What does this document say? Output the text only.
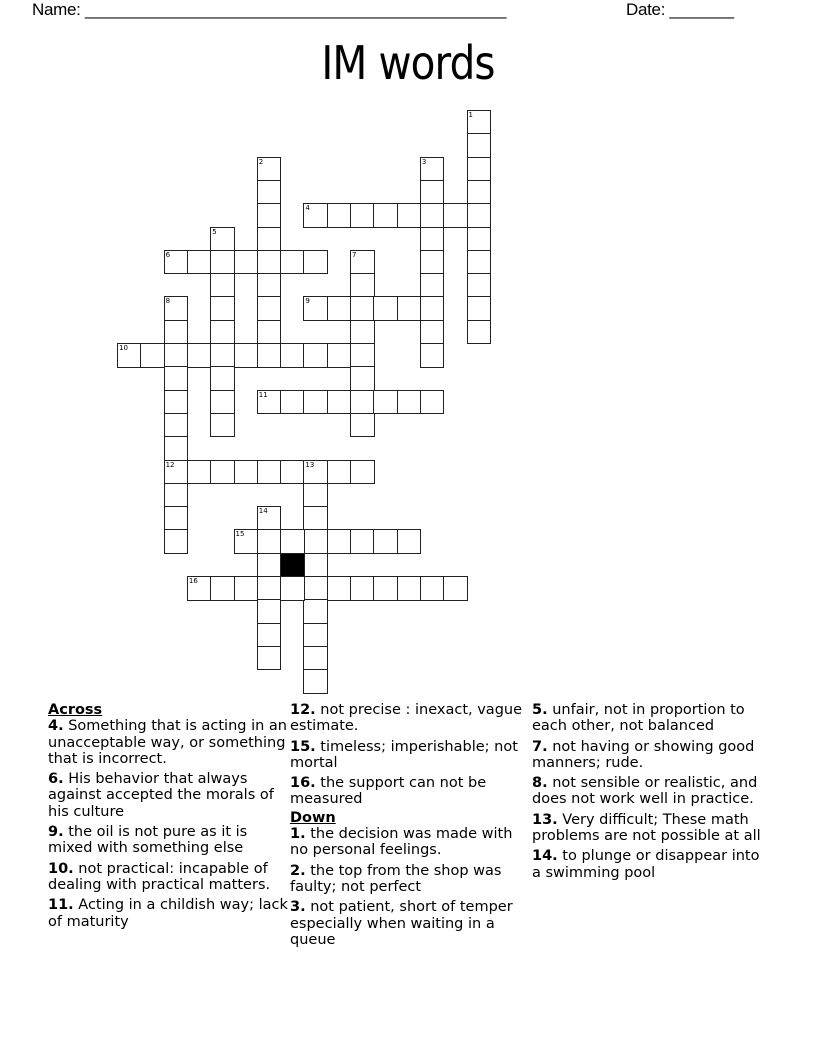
Name: ______________________________________________	Date: _______
IM words
1
2	3
4
5
6	7
8
12
9
10
11
13
14
15
16
Across
4. Something that is acting in an unacceptable way, or something that is incorrect.
6. His behavior that always against accepted the morals of his culture
9. the oil is not pure as it is mixed with something else
10. not practical: incapable of dealing with practical matters.
11. Acting in a childish way; lack of maturity
12. not precise : inexact, vague estimate.
15. timeless; imperishable; not mortal
16. the support can not be measured
Down
1. the decision was made with no personal feelings.
2. the top from the shop was faulty; not perfect
3. not patient, short of temper especially when waiting in a queue
5. unfair, not in proportion to each other, not balanced
7. not having or showing good manners; rude.
8. not sensible or realistic, and does not work well in practice.
13. Very difficult; These math problems are not possible at all
14. to plunge or disappear into a swimming pool
